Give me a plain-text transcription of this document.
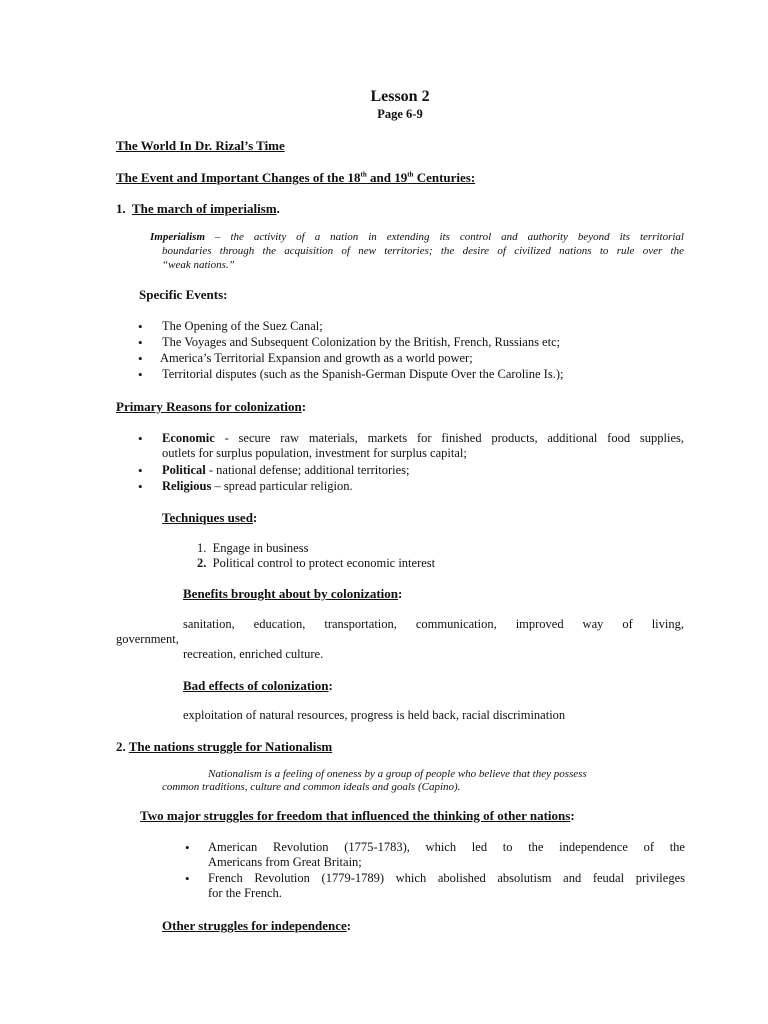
Lesson 2
Page 6-9
The World In Dr. Rizal’s Time
The Event and Important Changes of the 18th and 19th Centuries:
1. The march of imperialism.
Imperialism – the activity of a nation in extending its control and authority beyond its territorial
boundaries through the acquisition of new territories; the desire of civilized nations to rule over the
“weak nations.”
Specific Events:
• The Opening of the Suez Canal;
• The Voyages and Subsequent Colonization by the British, French, Russians etc;
• America’s Territorial Expansion and growth as a world power;
• Territorial disputes (such as the Spanish-German Dispute Over the Caroline Is.);
Primary Reasons for colonization:
• Economic - secure raw materials, markets for finished products, additional food supplies,
outlets for surplus population, investment for surplus capital;
• Political - national defense; additional territories;
• Religious – spread particular religion.
Techniques used:
1. Engage in business
2. Political control to protect economic interest
Benefits brought about by colonization:
sanitation, education, transportation, communication, improved way of living,
government,
recreation, enriched culture.
Bad effects of colonization:
exploitation of natural resources, progress is held back, racial discrimination
2. The nations struggle for Nationalism
Nationalism is a feeling of oneness by a group of people who believe that they possess
common traditions, culture and common ideals and goals (Capino).
Two major struggles for freedom that influenced the thinking of other nations:
• American Revolution (1775-1783), which led to the independence of the
Americans from Great Britain;
• French Revolution (1779-1789) which abolished absolutism and feudal privileges
for the French.
Other struggles for independence:
